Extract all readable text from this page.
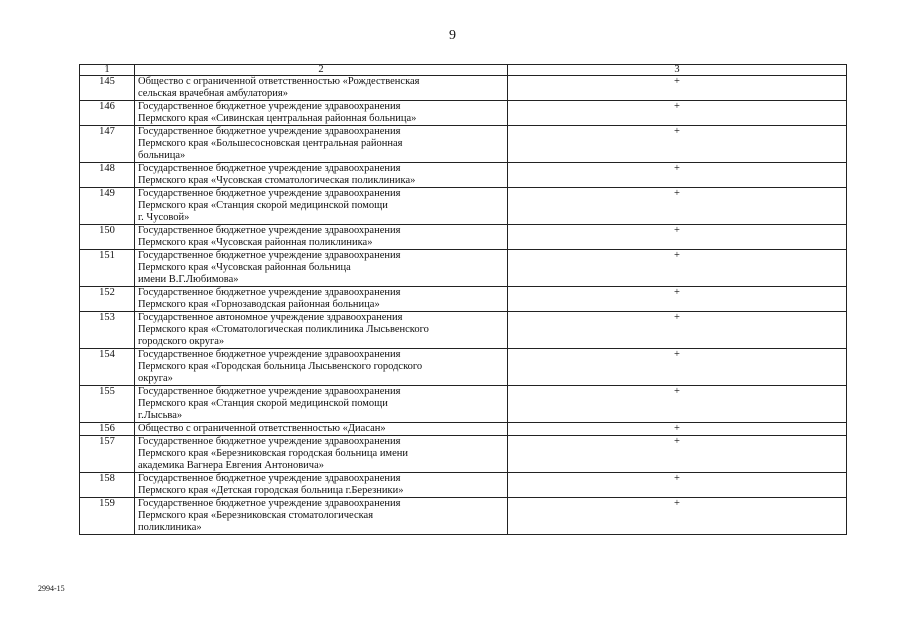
9
1	2	3
145	Общество с ограниченной ответственностью «Рождественская
сельская врачебная амбулатория»	+
146	Государственное бюджетное учреждение здравоохранения
Пермского края «Сивинская центральная районная больница»	+
147	Государственное бюджетное учреждение здравоохранения
Пермского края «Большесосновская центральная районная
больница»	+
148	Государственное бюджетное учреждение здравоохранения
Пермского края «Чусовская стоматологическая поликлиника»	+
149	Государственное бюджетное учреждение здравоохранения
Пермского края «Станция скорой медицинской помощи
г. Чусовой»	+
150	Государственное бюджетное учреждение здравоохранения
Пермского края «Чусовская районная поликлиника»	+
151	Государственное бюджетное учреждение здравоохранения
Пермского края «Чусовская районная больница
имени В.Г.Любимова»	+
152	Государственное бюджетное учреждение здравоохранения
Пермского края «Горнозаводская районная больница»	+
153	Государственное автономное учреждение здравоохранения
Пермского края «Стоматологическая поликлиника Лысьвенского
городского округа»	+
154	Государственное бюджетное учреждение здравоохранения
Пермского края «Городская больница Лысьвенского городского
округа»	+
155	Государственное бюджетное учреждение здравоохранения
Пермского края «Станция скорой медицинской помощи
г.Лысьва»	+
156	Общество с ограниченной ответственностью «Диасан»	+
157	Государственное бюджетное учреждение здравоохранения
Пермского края «Березниковская городская больница имени
академика Вагнера Евгения Антоновича»	+
158	Государственное бюджетное учреждение здравоохранения
Пермского края «Детская городская больница г.Березники»	+
159	Государственное бюджетное учреждение здравоохранения
Пермского края «Березниковская стоматологическая
поликлиника»	+
2994-15
